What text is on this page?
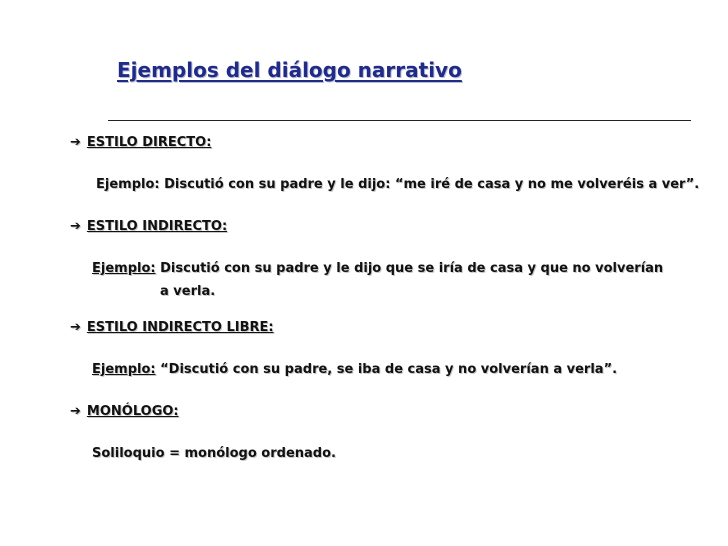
Ejemplos del diálogo narrativo
➔ ESTILO DIRECTO:
Ejemplo: Discutió con su padre y le dijo: “me iré de casa y no me volveréis a ver”.
➔ ESTILO INDIRECTO:
Ejemplo: Discutió con su padre y le dijo que se iría de casa y que no volverían
a verla.
➔ ESTILO INDIRECTO LIBRE:
Ejemplo: “Discutió con su padre, se iba de casa y no volverían a verla”.
➔ MONÓLOGO:
Soliloquio = monólogo ordenado.
